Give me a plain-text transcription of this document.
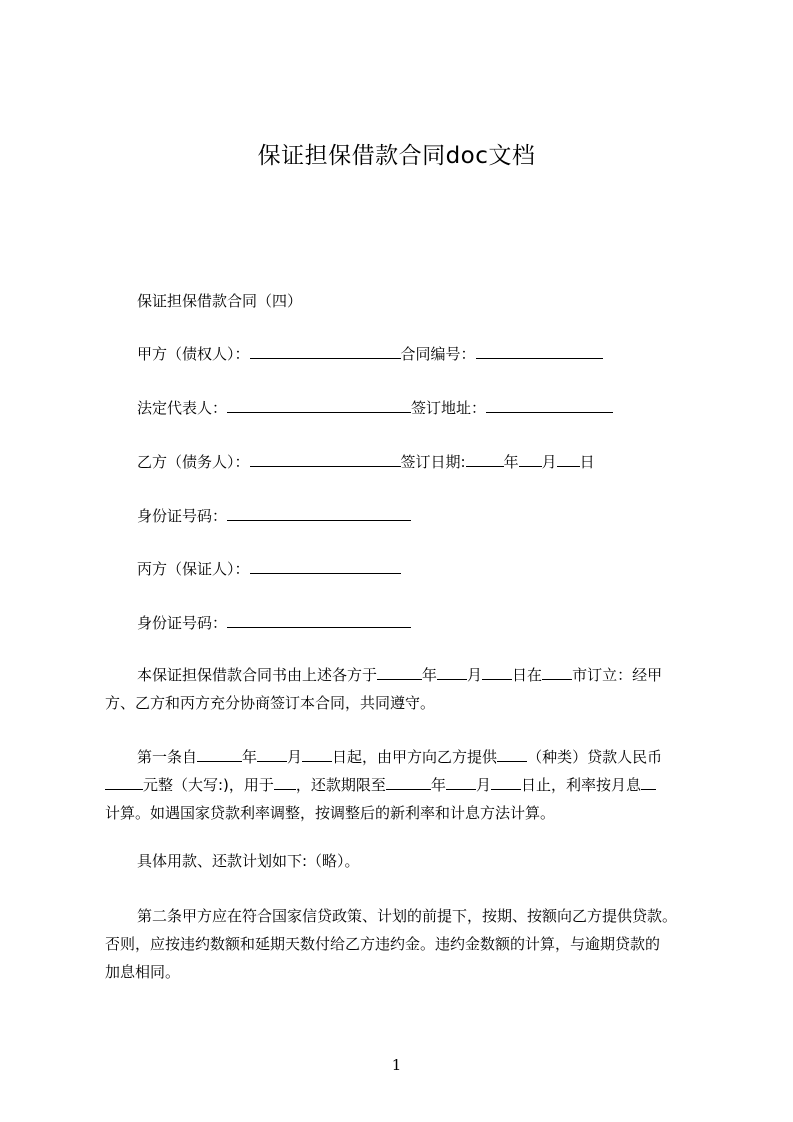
保证担保借款合同doc文档
保证担保借款合同（四）
甲方（债权人）：	合同编号：
法定代表人：	签订地址：
乙方（债务人）：	签订日期:	年 月 日
身份证号码：
丙方（保证人）：
身份证号码：
本保证担保借款合同书由上述各方于	年 月 日在 市订立：经甲
方、乙方和丙方充分协商签订本合同，共同遵守。
第一条自	年 月 日起，由甲方向乙方提供 （种类）贷款人民币
元整（大写:)，用于 ，还款期限至	年 月 日止，利率按月息
计算。如遇国家贷款利率调整，按调整后的新利率和计息方法计算。
具体用款、还款计划如下:（略）。
第二条甲方应在符合国家信贷政策、计划的前提下，按期、按额向乙方提供贷款。
否则，应按违约数额和延期天数付给乙方违约金。违约金数额的计算，与逾期贷款的
加息相同。
1
